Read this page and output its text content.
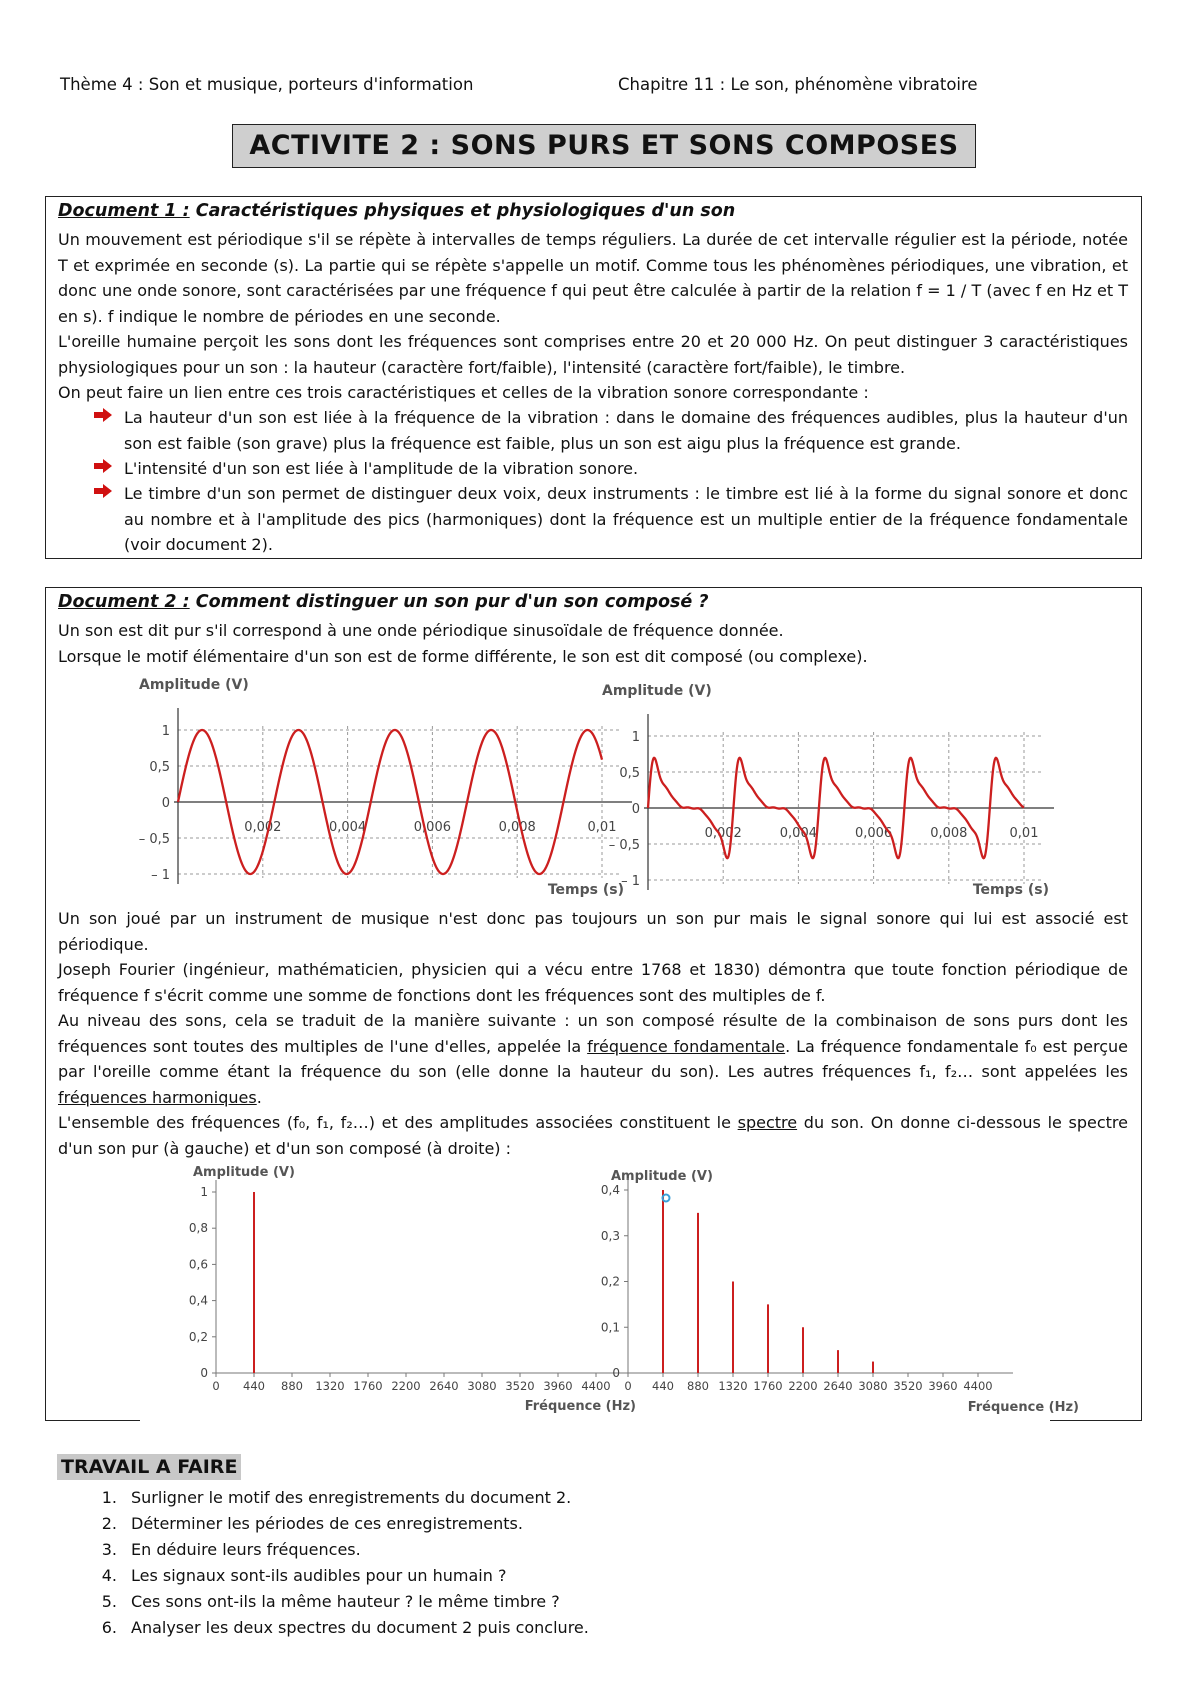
Thème 4 : Son et musique, porteurs d'information	Chapitre 11 : Le son, phénomène vibratoire
ACTIVITE 2 : SONS PURS ET SONS COMPOSES
Document 1 : Caractéristiques physiques et physiologiques d'un son
Un mouvement est périodique s'il se répète à intervalles de temps réguliers. La durée de cet intervalle régulier est la période, notée T et exprimée en seconde (s). La partie qui se répète s'appelle un motif. Comme tous les phénomènes périodiques, une vibration, et donc une onde sonore, sont caractérisées par une fréquence f qui peut être calculée à partir de la relation f = 1 / T (avec f en Hz et T en s). f indique le nombre de périodes en une seconde.
L'oreille humaine perçoit les sons dont les fréquences sont comprises entre 20 et 20 000 Hz. On peut distinguer 3 caractéristiques physiologiques pour un son : la hauteur (caractère fort/faible), l'intensité (caractère fort/faible), le timbre.
On peut faire un lien entre ces trois caractéristiques et celles de la vibration sonore correspondante :
La hauteur d'un son est liée à la fréquence de la vibration : dans le domaine des fréquences audibles, plus la hauteur d'un son est faible (son grave) plus la fréquence est faible, plus un son est aigu plus la fréquence est grande.
L'intensité d'un son est liée à l'amplitude de la vibration sonore.
Le timbre d'un son permet de distinguer deux voix, deux instruments : le timbre est lié à la forme du signal sonore et donc au nombre et à l'amplitude des pics (harmoniques) dont la fréquence est un multiple entier de la fréquence fondamentale (voir document 2).
Document 2 : Comment distinguer un son pur d'un son composé ?
Un son est dit pur s'il correspond à une onde périodique sinusoïdale de fréquence donnée.
Lorsque le motif élémentaire d'un son est de forme différente, le son est dit composé (ou complexe).
Amplitude (V)
Temps (s)
1
0,5
0
– 0,5
– 1
0,002	0,004	0,006	0,008	0,01
Amplitude (V)
Temps (s)
1
0,5
0
– 0,5
– 1
0,002	0,004	0,006	0,008	0,01
Un son joué par un instrument de musique n'est donc pas toujours un son pur mais le signal sonore qui lui est associé est périodique.
Joseph Fourier (ingénieur, mathématicien, physicien qui a vécu entre 1768 et 1830) démontra que toute fonction périodique de fréquence f s'écrit comme une somme de fonctions dont les fréquences sont des multiples de f.
Au niveau des sons, cela se traduit de la manière suivante : un son composé résulte de la combinaison de sons purs dont les fréquences sont toutes des multiples de l'une d'elles, appelée la fréquence fondamentale. La fréquence fondamentale f₀ est perçue par l'oreille comme étant la fréquence du son (elle donne la hauteur du son). Les autres fréquences f₁, f₂… sont appelées les fréquences harmoniques.
L'ensemble des fréquences (f₀, f₁, f₂…) et des amplitudes associées constituent le spectre du son. On donne ci-dessous le spectre d'un son pur (à gauche) et d'un son composé (à droite) :
Amplitude (V)
Fréquence (Hz)
0
0,2
0,4
0,6
0,8
1
0 440 880 1320 1760 2200 2640 3080 3520 3960 4400
Amplitude (V)
Fréquence (Hz)
0
0,1
0,2
0,3
0,4
0 440 880 1320 1760 2200 2640 3080 3520 3960 4400
TRAVAIL A FAIRE
1. Surligner le motif des enregistrements du document 2.
2. Déterminer les périodes de ces enregistrements.
3. En déduire leurs fréquences.
4. Les signaux sont-ils audibles pour un humain ?
5. Ces sons ont-ils la même hauteur ? le même timbre ?
6. Analyser les deux spectres du document 2 puis conclure.
